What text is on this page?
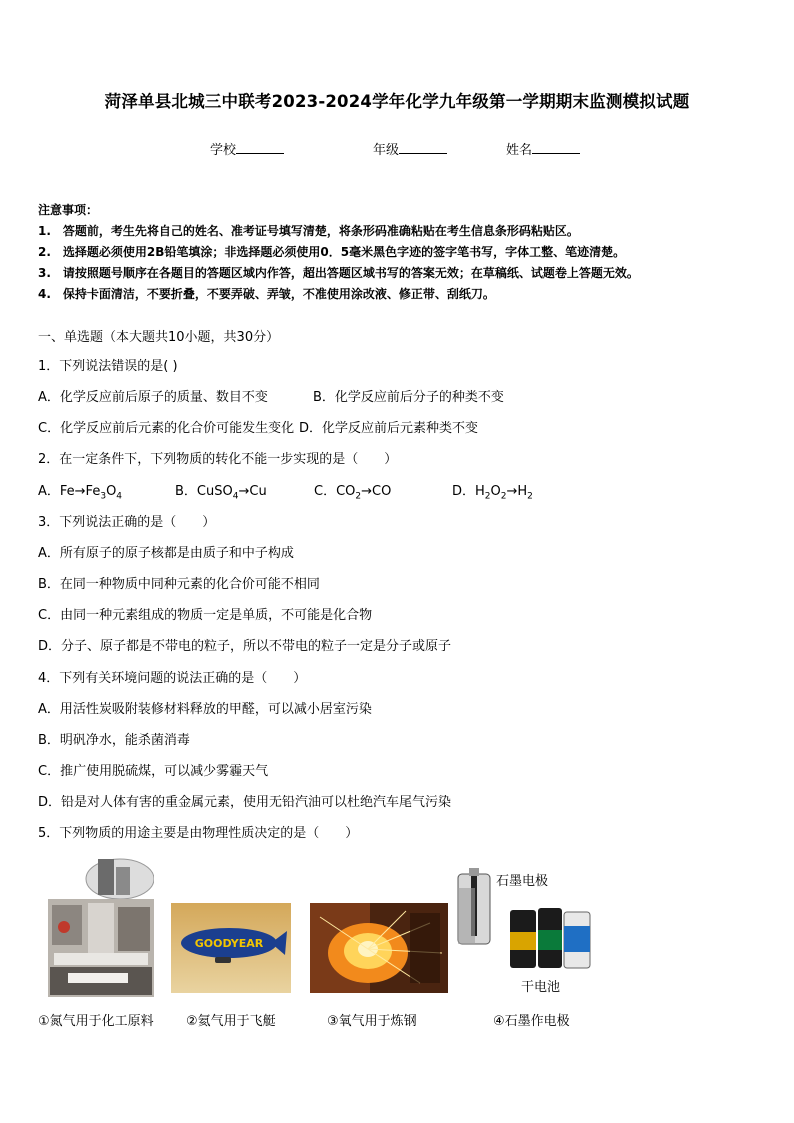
菏泽单县北城三中联考2023-2024学年化学九年级第一学期期末监测模拟试题
学校	年级	姓名
注意事项：
1.　答题前，考生先将自己的姓名、准考证号填写清楚，将条形码准确粘贴在考生信息条形码粘贴区。
2.　选择题必须使用2B铅笔填涂；非选择题必须使用0．5毫米黑色字迹的签字笔书写，字体工整、笔迹清楚。
3.　请按照题号顺序在各题目的答题区域内作答，超出答题区域书写的答案无效；在草稿纸、试题卷上答题无效。
4.　保持卡面清洁，不要折叠，不要弄破、弄皱，不准使用涂改液、修正带、刮纸刀。
一、单选题（本大题共10小题，共30分）
1．下列说法错误的是( )
A．化学反应前后原子的质量、数目不变	B．化学反应前后分子的种类不变
C．化学反应前后元素的化合价可能发生变化 D．化学反应前后元素种类不变
2．在一定条件下，下列物质的转化不能一步实现的是（　　）
A．$Fe\to Fe_3O_4$	B．CuSO$_4$→Cu	C．$CO_2\to CO$	D．$H_2O_2\to H_2$
3．下列说法正确的是（　　）
A．所有原子的原子核都是由质子和中子构成
B．在同一种物质中同种元素的化合价可能不相同
C．由同一种元素组成的物质一定是单质，不可能是化合物
D．分子、原子都是不带电的粒子，所以不带电的粒子一定是分子或原子
4．下列有关环境问题的说法正确的是（　　）
A．用活性炭吸附装修材料释放的甲醛，可以减小居室污染
B．明矾净水，能杀菌消毒
C．推广使用脱硫煤，可以减少雾霾天气
D．铅是对人体有害的重金属元素，使用无铅汽油可以杜绝汽车尾气污染
5．下列物质的用途主要是由物理性质决定的是（　　）
GOODYEAR
石墨电极
干电池
①氮气用于化工原料 ②氦气用于飞艇	③氧气用于炼钢	④石墨作电极
